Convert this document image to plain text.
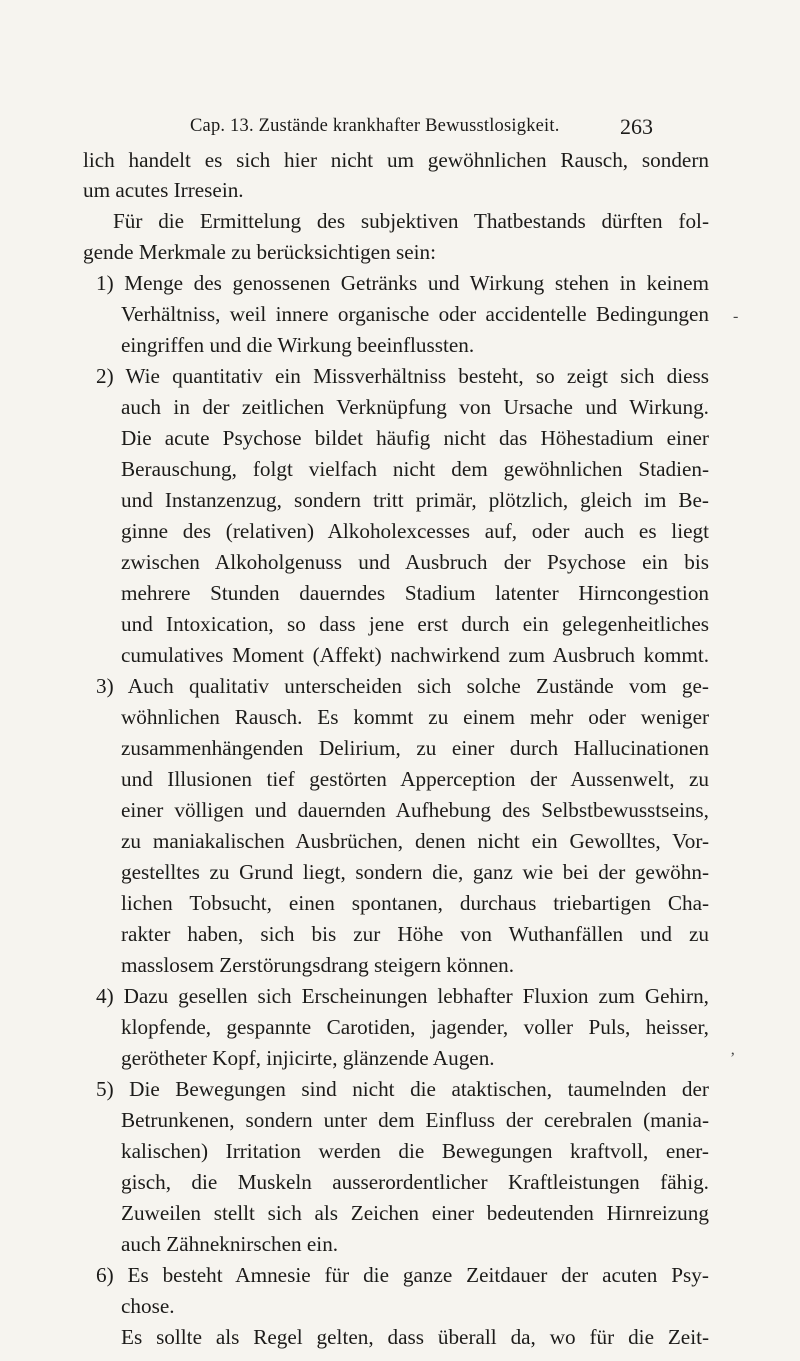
Cap. 13. Zustände krankhafter Bewusstlosigkeit.	263
lich handelt es sich hier nicht um gewöhnlichen Rausch, sondern
um acutes Irresein.
Für die Ermittelung des subjektiven Thatbestands dürften fol-
gende Merkmale zu berücksichtigen sein:
1) Menge des genossenen Getränks und Wirkung stehen in keinem
Verhältniss, weil innere organische oder accidentelle Bedingungen
eingriffen und die Wirkung beeinflussten.
2) Wie quantitativ ein Missverhältniss besteht, so zeigt sich diess
auch in der zeitlichen Verknüpfung von Ursache und Wirkung.
Die acute Psychose bildet häufig nicht das Höhestadium einer
Berauschung, folgt vielfach nicht dem gewöhnlichen Stadien-
und Instanzenzug, sondern tritt primär, plötzlich, gleich im Be-
ginne des (relativen) Alkoholexcesses auf, oder auch es liegt
zwischen Alkoholgenuss und Ausbruch der Psychose ein bis
mehrere Stunden dauerndes Stadium latenter Hirncongestion
und Intoxication, so dass jene erst durch ein gelegenheitliches
cumulatives Moment (Affekt) nachwirkend zum Ausbruch kommt.
3) Auch qualitativ unterscheiden sich solche Zustände vom ge-
wöhnlichen Rausch. Es kommt zu einem mehr oder weniger
zusammenhängenden Delirium, zu einer durch Hallucinationen
und Illusionen tief gestörten Apperception der Aussenwelt, zu
einer völligen und dauernden Aufhebung des Selbstbewusstseins,
zu maniakalischen Ausbrüchen, denen nicht ein Gewolltes, Vor-
gestelltes zu Grund liegt, sondern die, ganz wie bei der gewöhn-
lichen Tobsucht, einen spontanen, durchaus triebartigen Cha-
rakter haben, sich bis zur Höhe von Wuthanfällen und zu
masslosem Zerstörungsdrang steigern können.
4) Dazu gesellen sich Erscheinungen lebhafter Fluxion zum Gehirn,
klopfende, gespannte Carotiden, jagender, voller Puls, heisser,
gerötheter Kopf, injicirte, glänzende Augen.
5) Die Bewegungen sind nicht die ataktischen, taumelnden der
Betrunkenen, sondern unter dem Einfluss der cerebralen (mania-
kalischen) Irritation werden die Bewegungen kraftvoll, ener-
gisch, die Muskeln ausserordentlicher Kraftleistungen fähig.
Zuweilen stellt sich als Zeichen einer bedeutenden Hirnreizung
auch Zähneknirschen ein.
6) Es besteht Amnesie für die ganze Zeitdauer der acuten Psy-
chose.
Es sollte als Regel gelten, dass überall da, wo für die Zeit-
‐
ʼ
